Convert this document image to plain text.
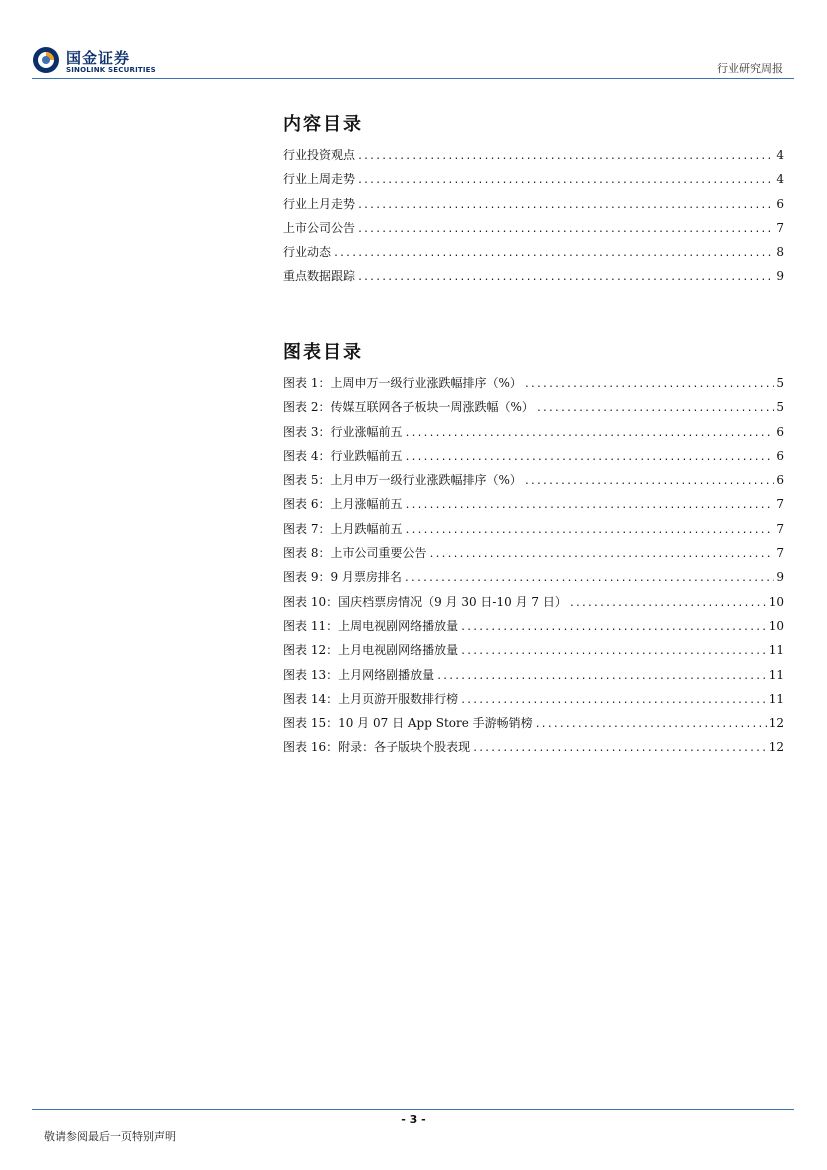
国金证券
SINOLINK SECURITIES	行业研究周报
内容目录
行业投资观点 .....	4
行业上周走势 .....	4
行业上月走势 .....	6
上市公司公告 .....	7
行业动态 .....	8
重点数据跟踪 .....	9
图表目录
图表 1：上周申万一级行业涨跌幅排序（%） .....	5
图表 2：传媒互联网各子板块一周涨跌幅（%） .....	5
图表 3：行业涨幅前五 .....	6
图表 4：行业跌幅前五 .....	6
图表 5：上月申万一级行业涨跌幅排序（%） .....	6
图表 6：上月涨幅前五 .....	7
图表 7：上月跌幅前五 .....	7
图表 8：上市公司重要公告 .....	7
图表 9：9 月票房排名 .....	9
图表 10：国庆档票房情况（9 月 30 日-10 月 7 日） .....	10
图表 11：上周电视剧网络播放量 .....	10
图表 12：上月电视剧网络播放量 .....	11
图表 13：上月网络剧播放量 .....	11
图表 14：上月页游开服数排行榜 .....	11
图表 15：10 月 07 日 App Store 手游畅销榜 .....	12
图表 16：附录：各子版块个股表现 .....	12
- 3 -
敬请参阅最后一页特别声明
